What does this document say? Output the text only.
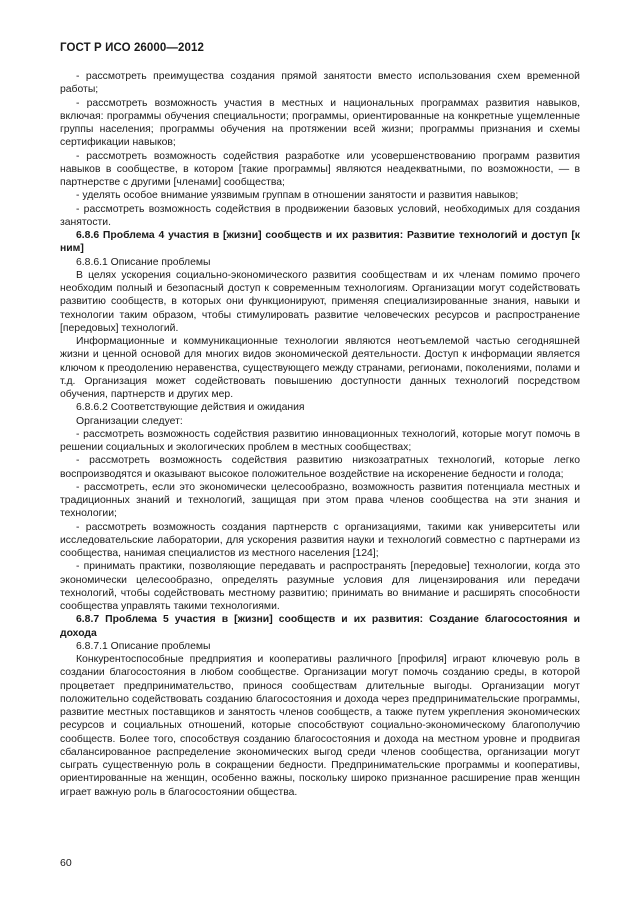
ГОСТ Р ИСО 26000—2012

- рассмотреть преимущества создания прямой занятости вместо использования схем временной работы;

- рассмотреть возможность участия в местных и национальных программах развития навыков, включая: программы обучения специальности; программы, ориентированные на конкретные ущемленные группы населения; программы обучения на протяжении всей жизни; программы признания и схемы сертификации навыков;

- рассмотреть возможность содействия разработке или усовершенствованию программ развития навыков в сообществе, в котором [такие программы] являются неадекватными, по возможности, — в партнерстве с другими [членами] сообщества;

- уделять особое внимание уязвимым группам в отношении занятости и развития навыков;

- рассмотреть возможность содействия в продвижении базовых условий, необходимых для создания занятости.

6.8.6 Проблема 4 участия в [жизни] сообществ и их развития: Развитие технологий и доступ [к ним]

6.8.6.1 Описание проблемы

В целях ускорения социально-экономического развития сообществам и их членам помимо прочего необходим полный и безопасный доступ к современным технологиям. Организации могут содействовать развитию сообществ, в которых они функционируют, применяя специализированные знания, навыки и технологии таким образом, чтобы стимулировать развитие человеческих ресурсов и распространение [передовых] технологий.

Информационные и коммуникационные технологии являются неотъемлемой частью сегодняшней жизни и ценной основой для многих видов экономической деятельности. Доступ к информации является ключом к преодолению неравенства, существующего между странами, регионами, поколениями, полами и т.д. Организация может содействовать повышению доступности данных технологий посредством обучения, партнерств и других мер.

6.8.6.2 Соответствующие действия и ожидания

Организации следует:

- рассмотреть возможность содействия развитию инновационных технологий, которые могут помочь в решении социальных и экологических проблем в местных сообществах;

- рассмотреть возможность содействия развитию низкозатратных технологий, которые легко воспроизводятся и оказывают высокое положительное воздействие на искоренение бедности и голода;

- рассмотреть, если это экономически целесообразно, возможность развития потенциала местных и традиционных знаний и технологий, защищая при этом права членов сообщества на эти знания и технологии;

- рассмотреть возможность создания партнерств с организациями, такими как университеты или исследовательские лаборатории, для ускорения развития науки и технологий совместно с партнерами из сообщества, нанимая специалистов из местного населения [124];

- принимать практики, позволяющие передавать и распространять [передовые] технологии, когда это экономически целесообразно, определять разумные условия для лицензирования или передачи технологий, чтобы содействовать местному развитию; принимать во внимание и расширять способности сообщества управлять такими технологиями.

6.8.7 Проблема 5 участия в [жизни] сообществ и их развития: Создание благосостояния и дохода

6.8.7.1 Описание проблемы

Конкурентоспособные предприятия и кооперативы различного [профиля] играют ключевую роль в создании благосостояния в любом сообществе. Организации могут помочь созданию среды, в которой процветает предпринимательство, принося сообществам длительные выгоды. Организации могут положительно содействовать созданию благосостояния и дохода через предпринимательские программы, развитие местных поставщиков и занятость членов сообществ, а также путем укрепления экономических ресурсов и социальных отношений, которые способствуют социально-экономическому благополучию сообществ. Более того, способствуя созданию благосостояния и дохода на местном уровне и продвигая сбалансированное распределение экономических выгод среди членов сообщества, организации могут сыграть существенную роль в сокращении бедности. Предпринимательские программы и кооперативы, ориентированные на женщин, особенно важны, поскольку широко признанное расширение прав женщин играет важную роль в благосостоянии общества.

60
